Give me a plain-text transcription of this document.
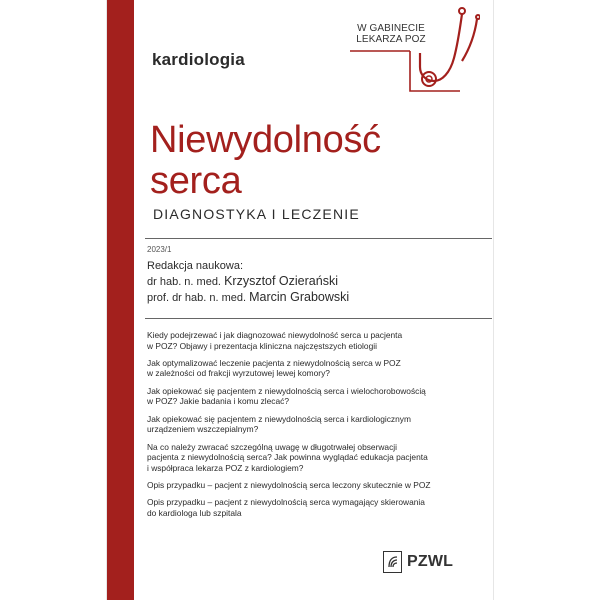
W GABINECIE
LEKARZA POZ
kardiologia
Niewydolność
serca
DIAGNOSTYKA I LECZENIE
2023/1
Redakcja naukowa:
dr hab. n. med. Krzysztof Ozierański
prof. dr hab. n. med. Marcin Grabowski
Kiedy podejrzewać i jak diagnozować niewydolność serca u pacjenta
w POZ? Objawy i prezentacja kliniczna najczęstszych etiologii
Jak optymalizować leczenie pacjenta z niewydolnością serca w POZ
w zależności od frakcji wyrzutowej lewej komory?
Jak opiekować się pacjentem z niewydolnością serca i wielochorobowością
w POZ? Jakie badania i komu zlecać?
Jak opiekować się pacjentem z niewydolnością serca i kardiologicznym
urządzeniem wszczepialnym?
Na co należy zwracać szczególną uwagę w długotrwałej obserwacji
pacjenta z niewydolnością serca? Jak powinna wyglądać edukacja pacjenta
i współpraca lekarza POZ z kardiologiem?
Opis przypadku – pacjent z niewydolnością serca leczony skutecznie w POZ
Opis przypadku – pacjent z niewydolnością serca wymagający skierowania
do kardiologa lub szpitala
PZWL
